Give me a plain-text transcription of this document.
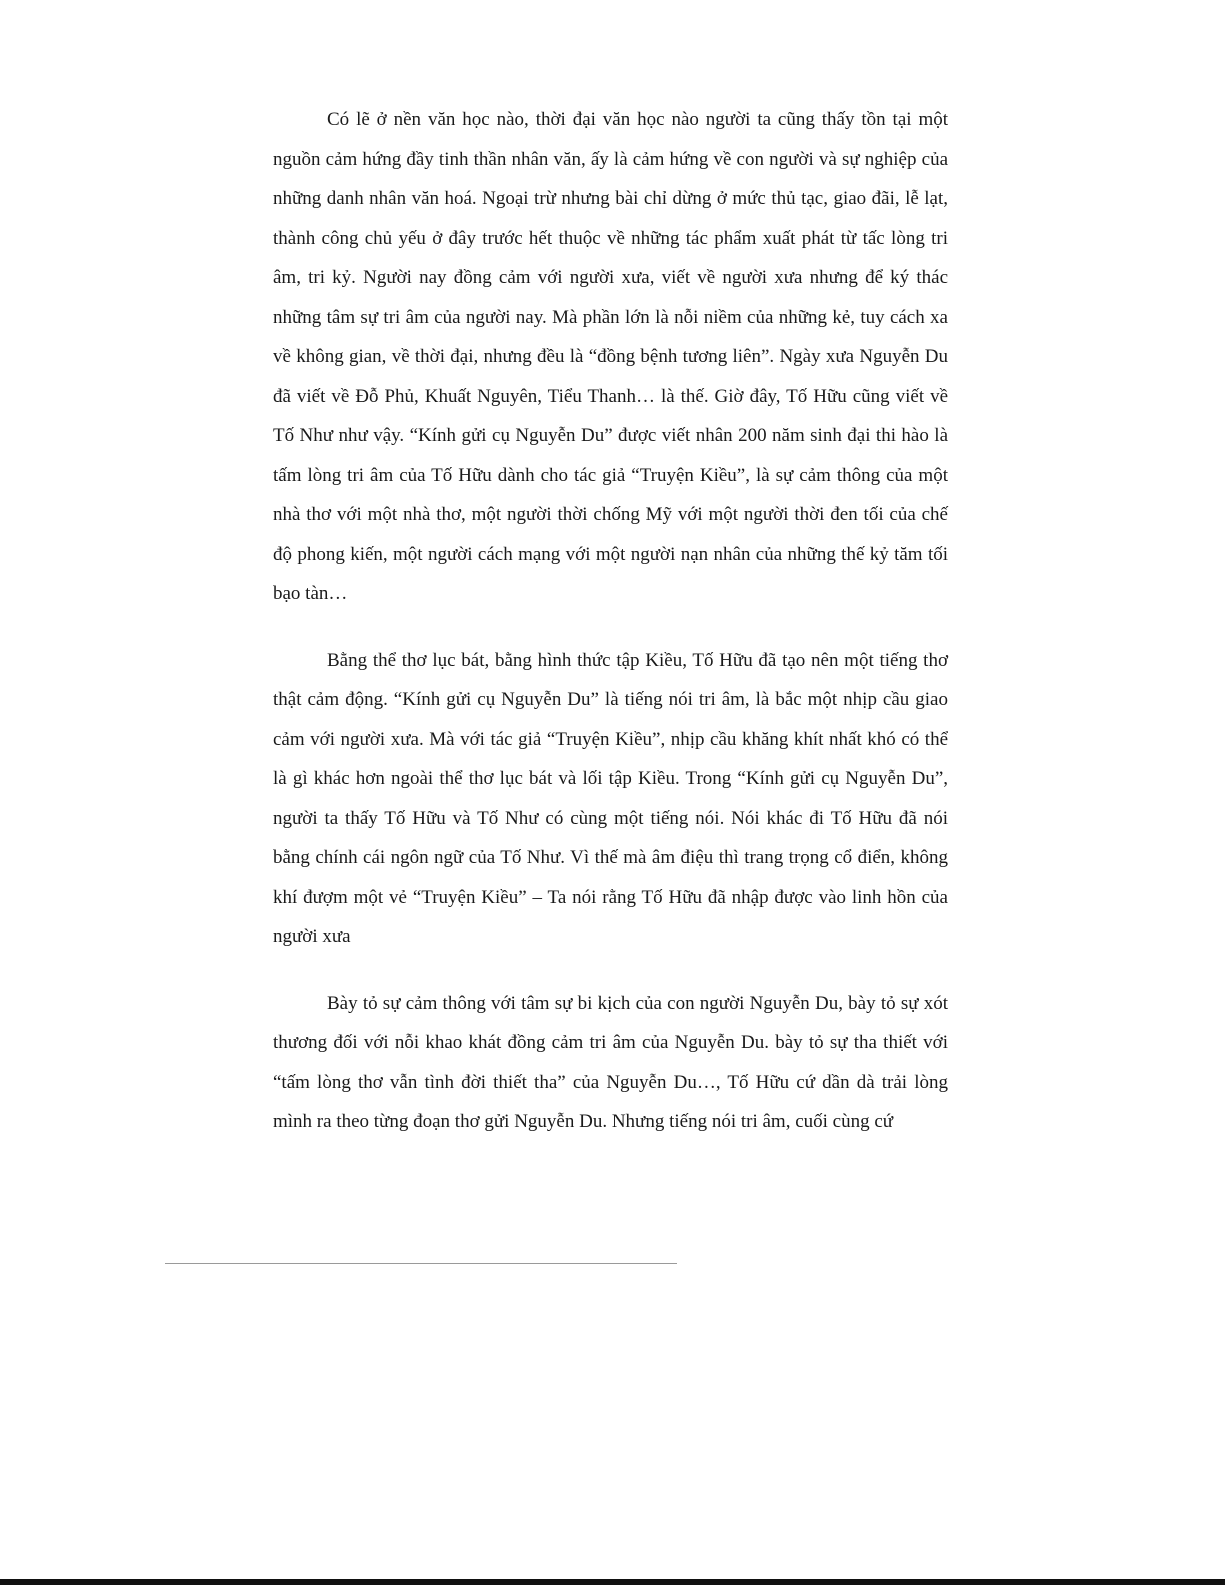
Có lẽ ở nền văn học nào, thời đại văn học nào người ta cũng thấy tồn tại một nguồn cảm hứng đầy tinh thần nhân văn, ấy là cảm hứng về con người và sự nghiệp của những danh nhân văn hoá. Ngoại trừ nhưng bài chỉ dừng ở mức thủ tạc, giao đãi, lễ lạt, thành công chủ yếu ở đây trước hết thuộc về những tác phẩm xuất phát từ tấc lòng tri âm, tri kỷ. Người nay đồng cảm với người xưa, viết về người xưa nhưng để ký thác những tâm sự tri âm của người nay. Mà phần lớn là nỗi niềm của những kẻ, tuy cách xa về không gian, về thời đại, nhưng đều là “đồng bệnh tương liên”. Ngày xưa Nguyễn Du đã viết về Đỗ Phủ, Khuất Nguyên, Tiểu Thanh… là thế. Giờ đây, Tố Hữu cũng viết về Tố Như như vậy. “Kính gửi cụ Nguyễn Du” được viết nhân 200 năm sinh đại thi hào là tấm lòng tri âm của Tố Hữu dành cho tác giả “Truyện Kiều”, là sự cảm thông của một nhà thơ với một nhà thơ, một người thời chống Mỹ với một người thời đen tối của chế độ phong kiến, một người cách mạng với một người nạn nhân của những thế kỷ tăm tối bạo tàn…

Bằng thể thơ lục bát, bằng hình thức tập Kiều, Tố Hữu đã tạo nên một tiếng thơ thật cảm động. “Kính gửi cụ Nguyễn Du” là tiếng nói tri âm, là bắc một nhịp cầu giao cảm với người xưa. Mà với tác giả “Truyện Kiều”, nhịp cầu khăng khít nhất khó có thể là gì khác hơn ngoài thể thơ lục bát và lối tập Kiều. Trong “Kính gửi cụ Nguyễn Du”, người ta thấy Tố Hữu và Tố Như có cùng một tiếng nói. Nói khác đi Tố Hữu đã nói bằng chính cái ngôn ngữ của Tố Như. Vì thế mà âm điệu thì trang trọng cổ điển, không khí đượm một vẻ “Truyện Kiều” – Ta nói rằng Tố Hữu đã nhập được vào linh hồn của người xưa

Bày tỏ sự cảm thông với tâm sự bi kịch của con người Nguyễn Du, bày tỏ sự xót thương đối với nỗi khao khát đồng cảm tri âm của Nguyễn Du. bày tỏ sự tha thiết với “tấm lòng thơ vẫn tình đời thiết tha” của Nguyễn Du…, Tố Hữu cứ dần dà trải lòng mình ra theo từng đoạn thơ gửi Nguyễn Du. Nhưng tiếng nói tri âm, cuối cùng cứ
